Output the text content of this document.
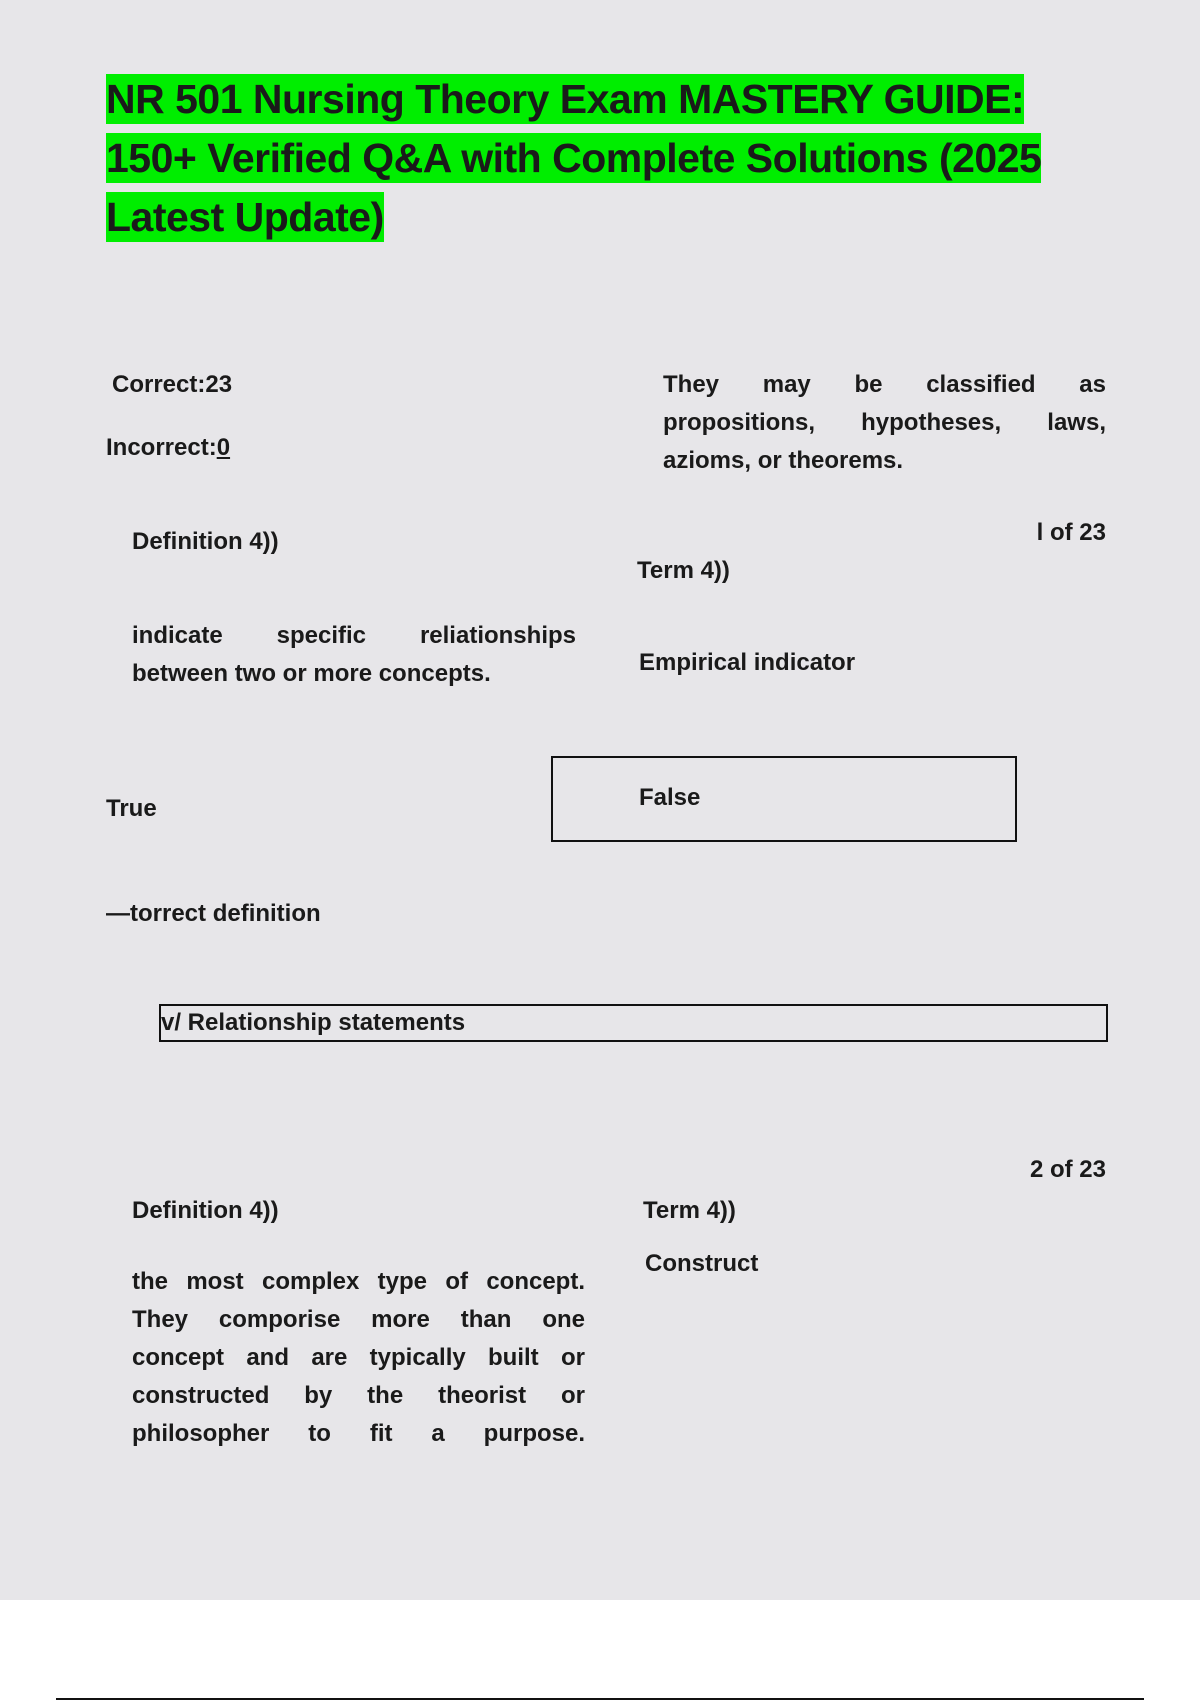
NR 501 Nursing Theory Exam MASTERY GUIDE: 150+ Verified Q&A with Complete Solutions (2025 Latest Update)
Correct:23
Incorrect:0

They may be classified as propositions, hypotheses, laws, azioms, or theorems.

l of 23
Definition 4))
Term 4))

indicate specific reliationships between two or more concepts.	Empirical indicator
True	False
—torrect definition
v/ Relationship statements
2 of 23
Definition 4))	Term 4))
Construct

the most complex type of concept. They comporise more than one concept and are typically built or constructed by the theorist or philosopher to fit a purpose.
